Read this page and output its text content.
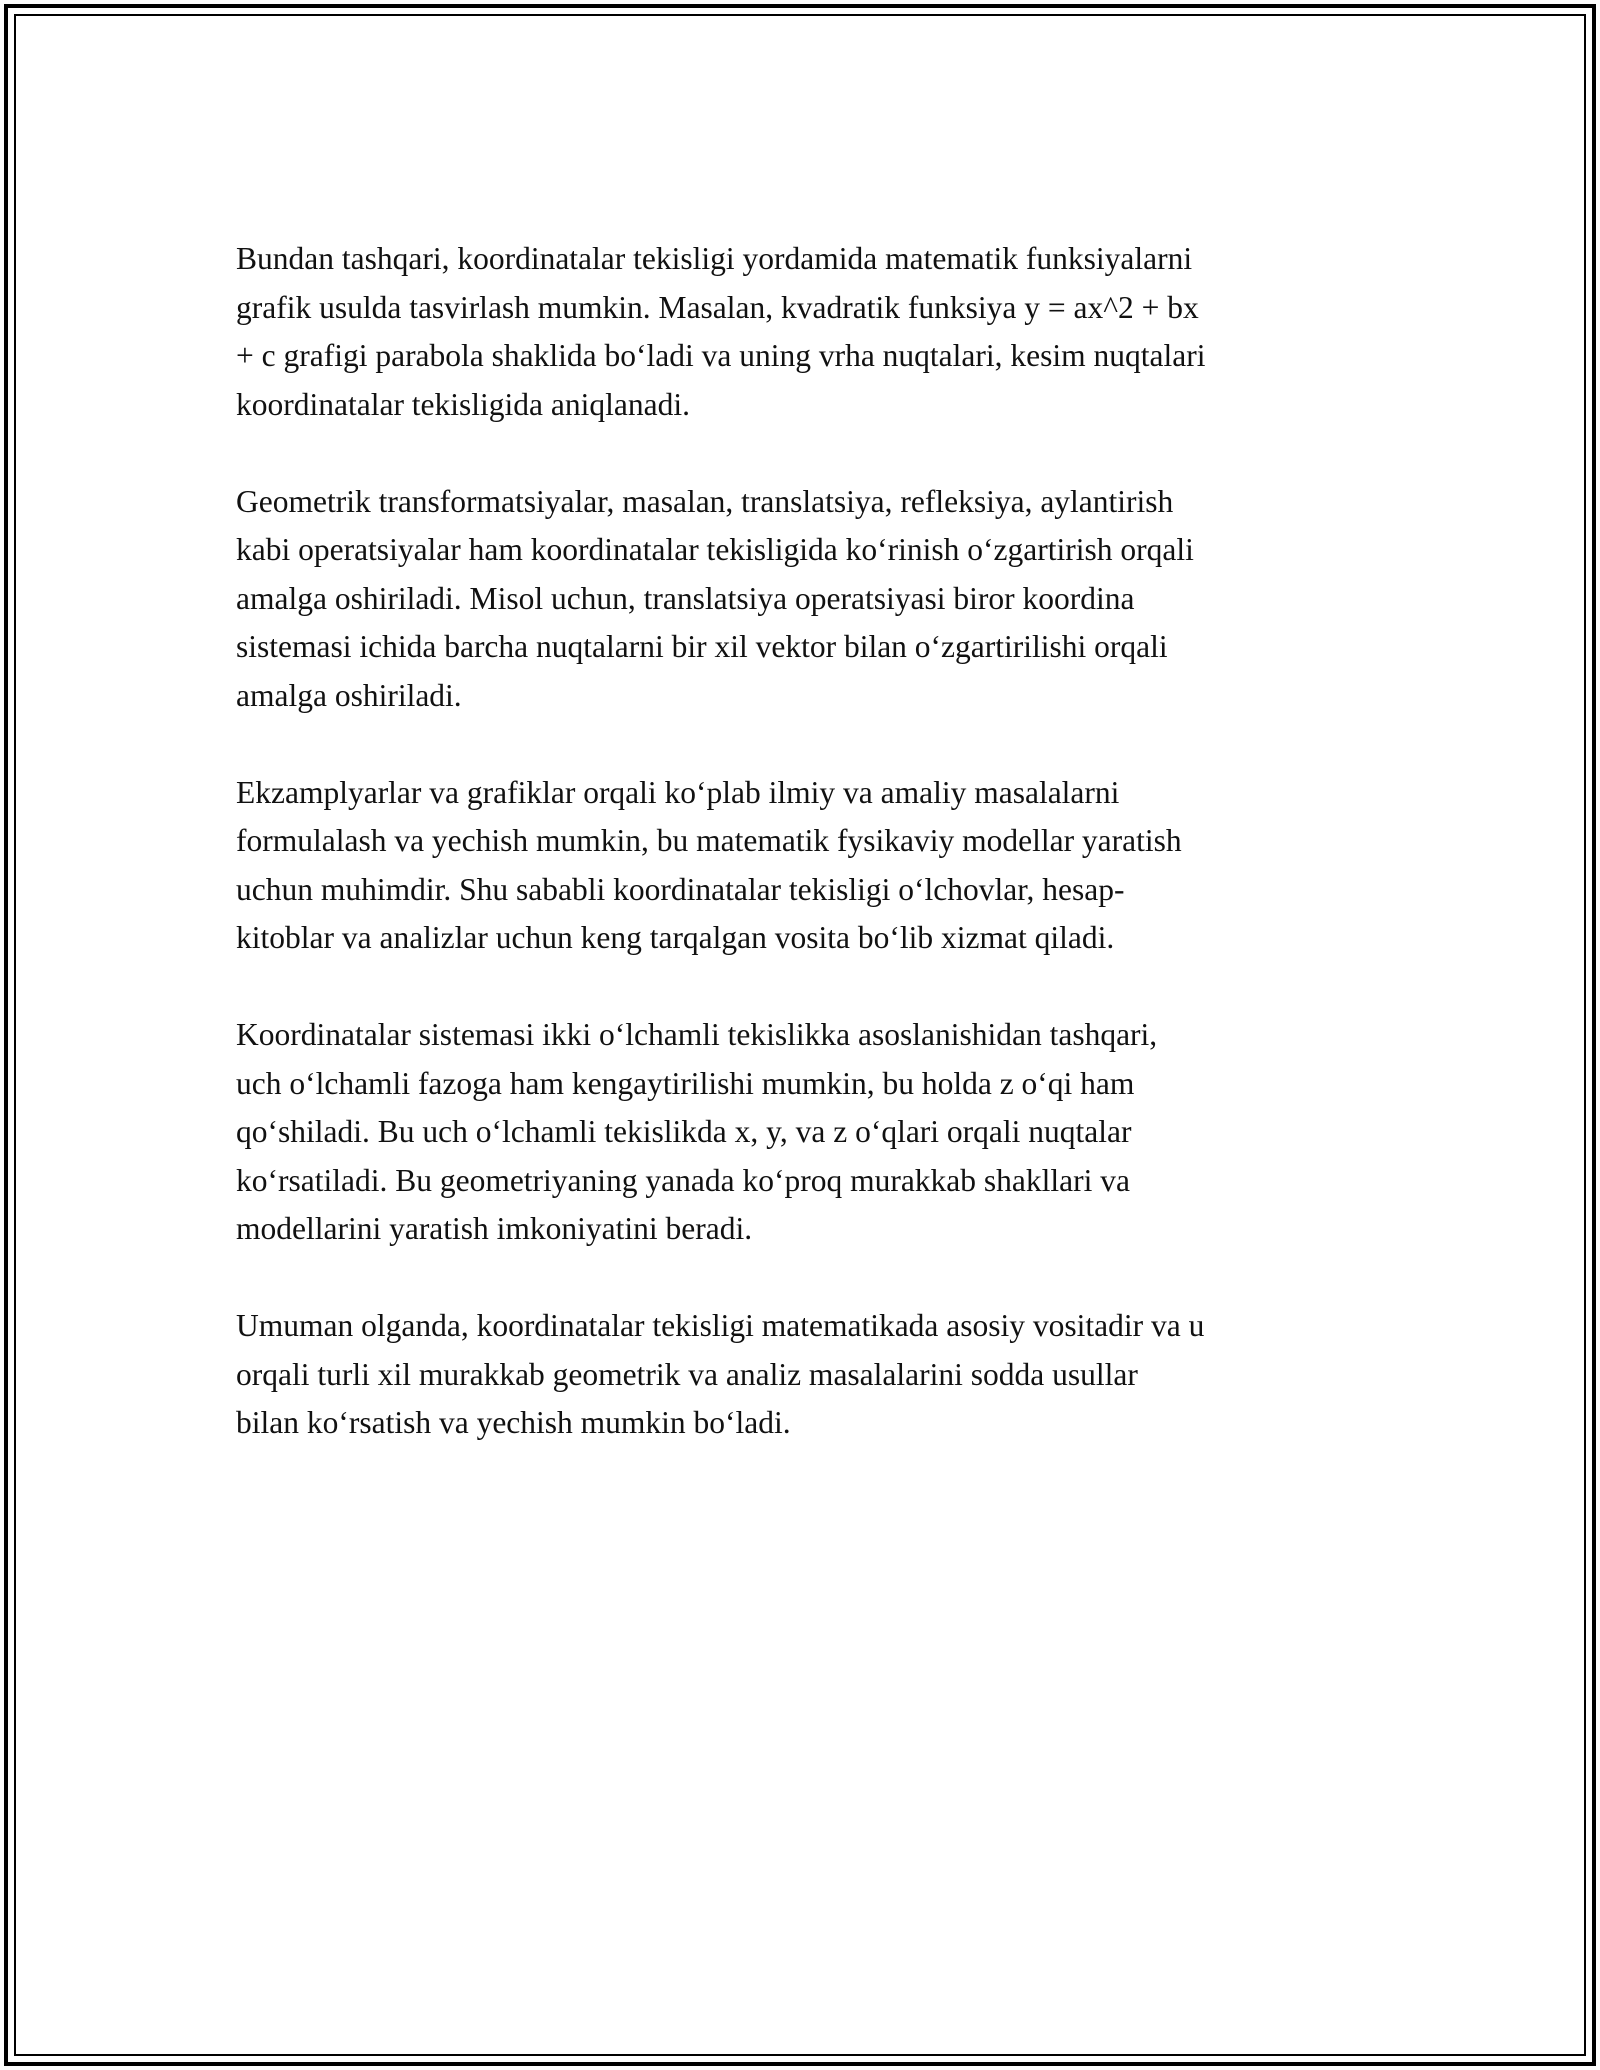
Bundan tashqari, koordinatalar tekisligi yordamida matematik funksiyalarni
grafik usulda tasvirlash mumkin. Masalan, kvadratik funksiya y = ax^2 + bx
+ c grafigi parabola shaklida bo‘ladi va uning vrha nuqtalari, kesim nuqtalari
koordinatalar tekisligida aniqlanadi.

Geometrik transformatsiyalar, masalan, translatsiya, refleksiya, aylantirish
kabi operatsiyalar ham koordinatalar tekisligida ko‘rinish o‘zgartirish orqali
amalga oshiriladi. Misol uchun, translatsiya operatsiyasi biror koordina
sistemasi ichida barcha nuqtalarni bir xil vektor bilan o‘zgartirilishi orqali
amalga oshiriladi.

Ekzamplyarlar va grafiklar orqali ko‘plab ilmiy va amaliy masalalarni
formulalash va yechish mumkin, bu matematik fysikaviy modellar yaratish
uchun muhimdir. Shu sababli koordinatalar tekisligi o‘lchovlar, hesap-
kitoblar va analizlar uchun keng tarqalgan vosita bo‘lib xizmat qiladi.

Koordinatalar sistemasi ikki o‘lchamli tekislikka asoslanishidan tashqari,
uch o‘lchamli fazoga ham kengaytirilishi mumkin, bu holda z o‘qi ham
qo‘shiladi. Bu uch o‘lchamli tekislikda x, y, va z o‘qlari orqali nuqtalar
ko‘rsatiladi. Bu geometriyaning yanada ko‘proq murakkab shakllari va
modellarini yaratish imkoniyatini beradi.

Umuman olganda, koordinatalar tekisligi matematikada asosiy vositadir va u
orqali turli xil murakkab geometrik va analiz masalalarini sodda usullar
bilan ko‘rsatish va yechish mumkin bo‘ladi.
